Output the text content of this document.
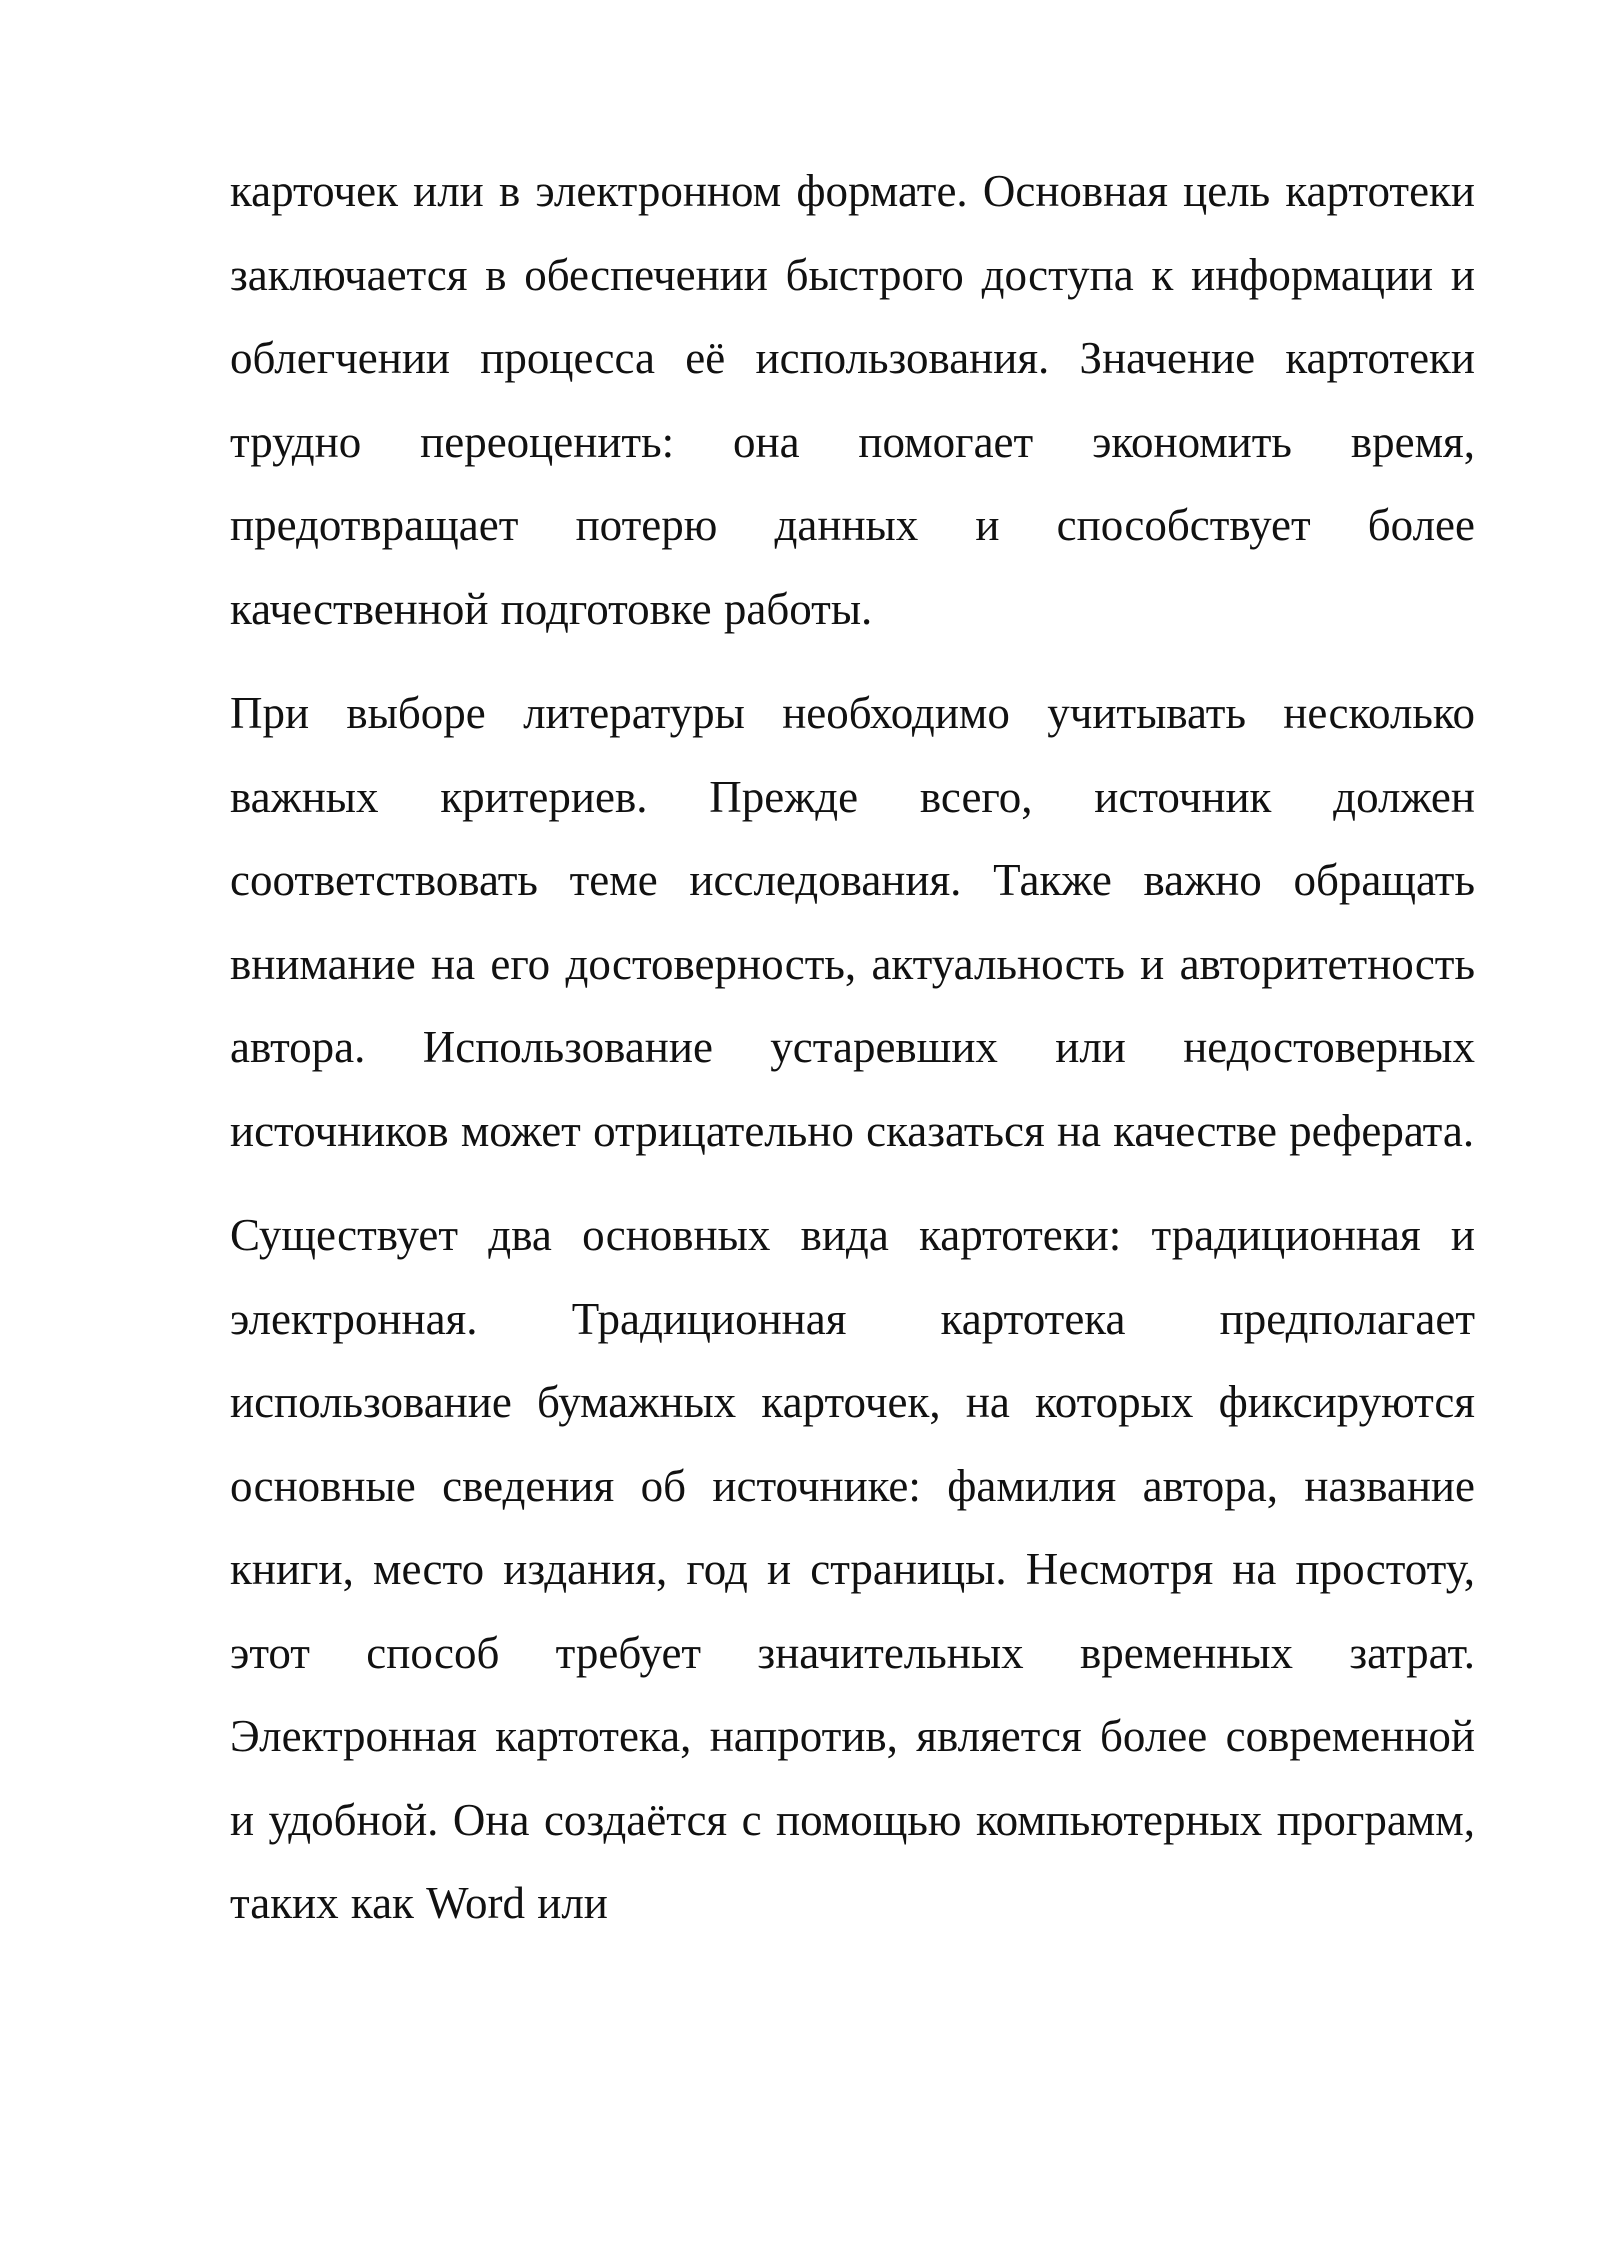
карточек или в электронном формате. Основная цель картотеки заключается в обеспечении быстрого доступа к информации и облегчении процесса её использования. Значение картотеки трудно переоценить: она помогает экономить время, предотвращает потерю данных и способствует более качественной подготовке работы.

При выборе литературы необходимо учитывать несколько важных критериев. Прежде всего, источник должен соответствовать теме исследования. Также важно обращать внимание на его достоверность, актуальность и авторитетность автора. Использование устаревших или недостоверных источников может отрицательно сказаться на качестве реферата.

Существует два основных вида картотеки: традиционная и электронная. Традиционная картотека предполагает использование бумажных карточек, на которых фиксируются основные сведения об источнике: фамилия автора, название книги, место издания, год и страницы. Несмотря на простоту, этот способ требует значительных временных затрат. Электронная картотека, напротив, является более современной и удобной. Она создаётся с помощью компьютерных программ, таких как Word или
